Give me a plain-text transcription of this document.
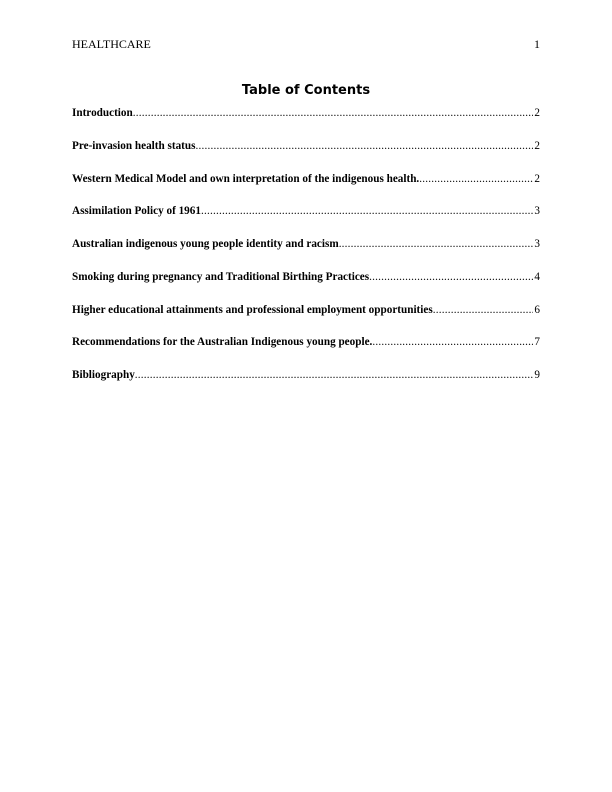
HEALTHCARE	1
Table of Contents
Introduction .....	2
Pre-invasion health status .....	2
Western Medical Model and own interpretation of the indigenous health. .....	2
Assimilation Policy of 1961 .....	3
Australian indigenous young people identity and racism .....	3
Smoking during pregnancy and Traditional Birthing Practices .....	4
Higher educational attainments and professional employment opportunities .....	6
Recommendations for the Australian Indigenous young people. .....	7
Bibliography .....	9
